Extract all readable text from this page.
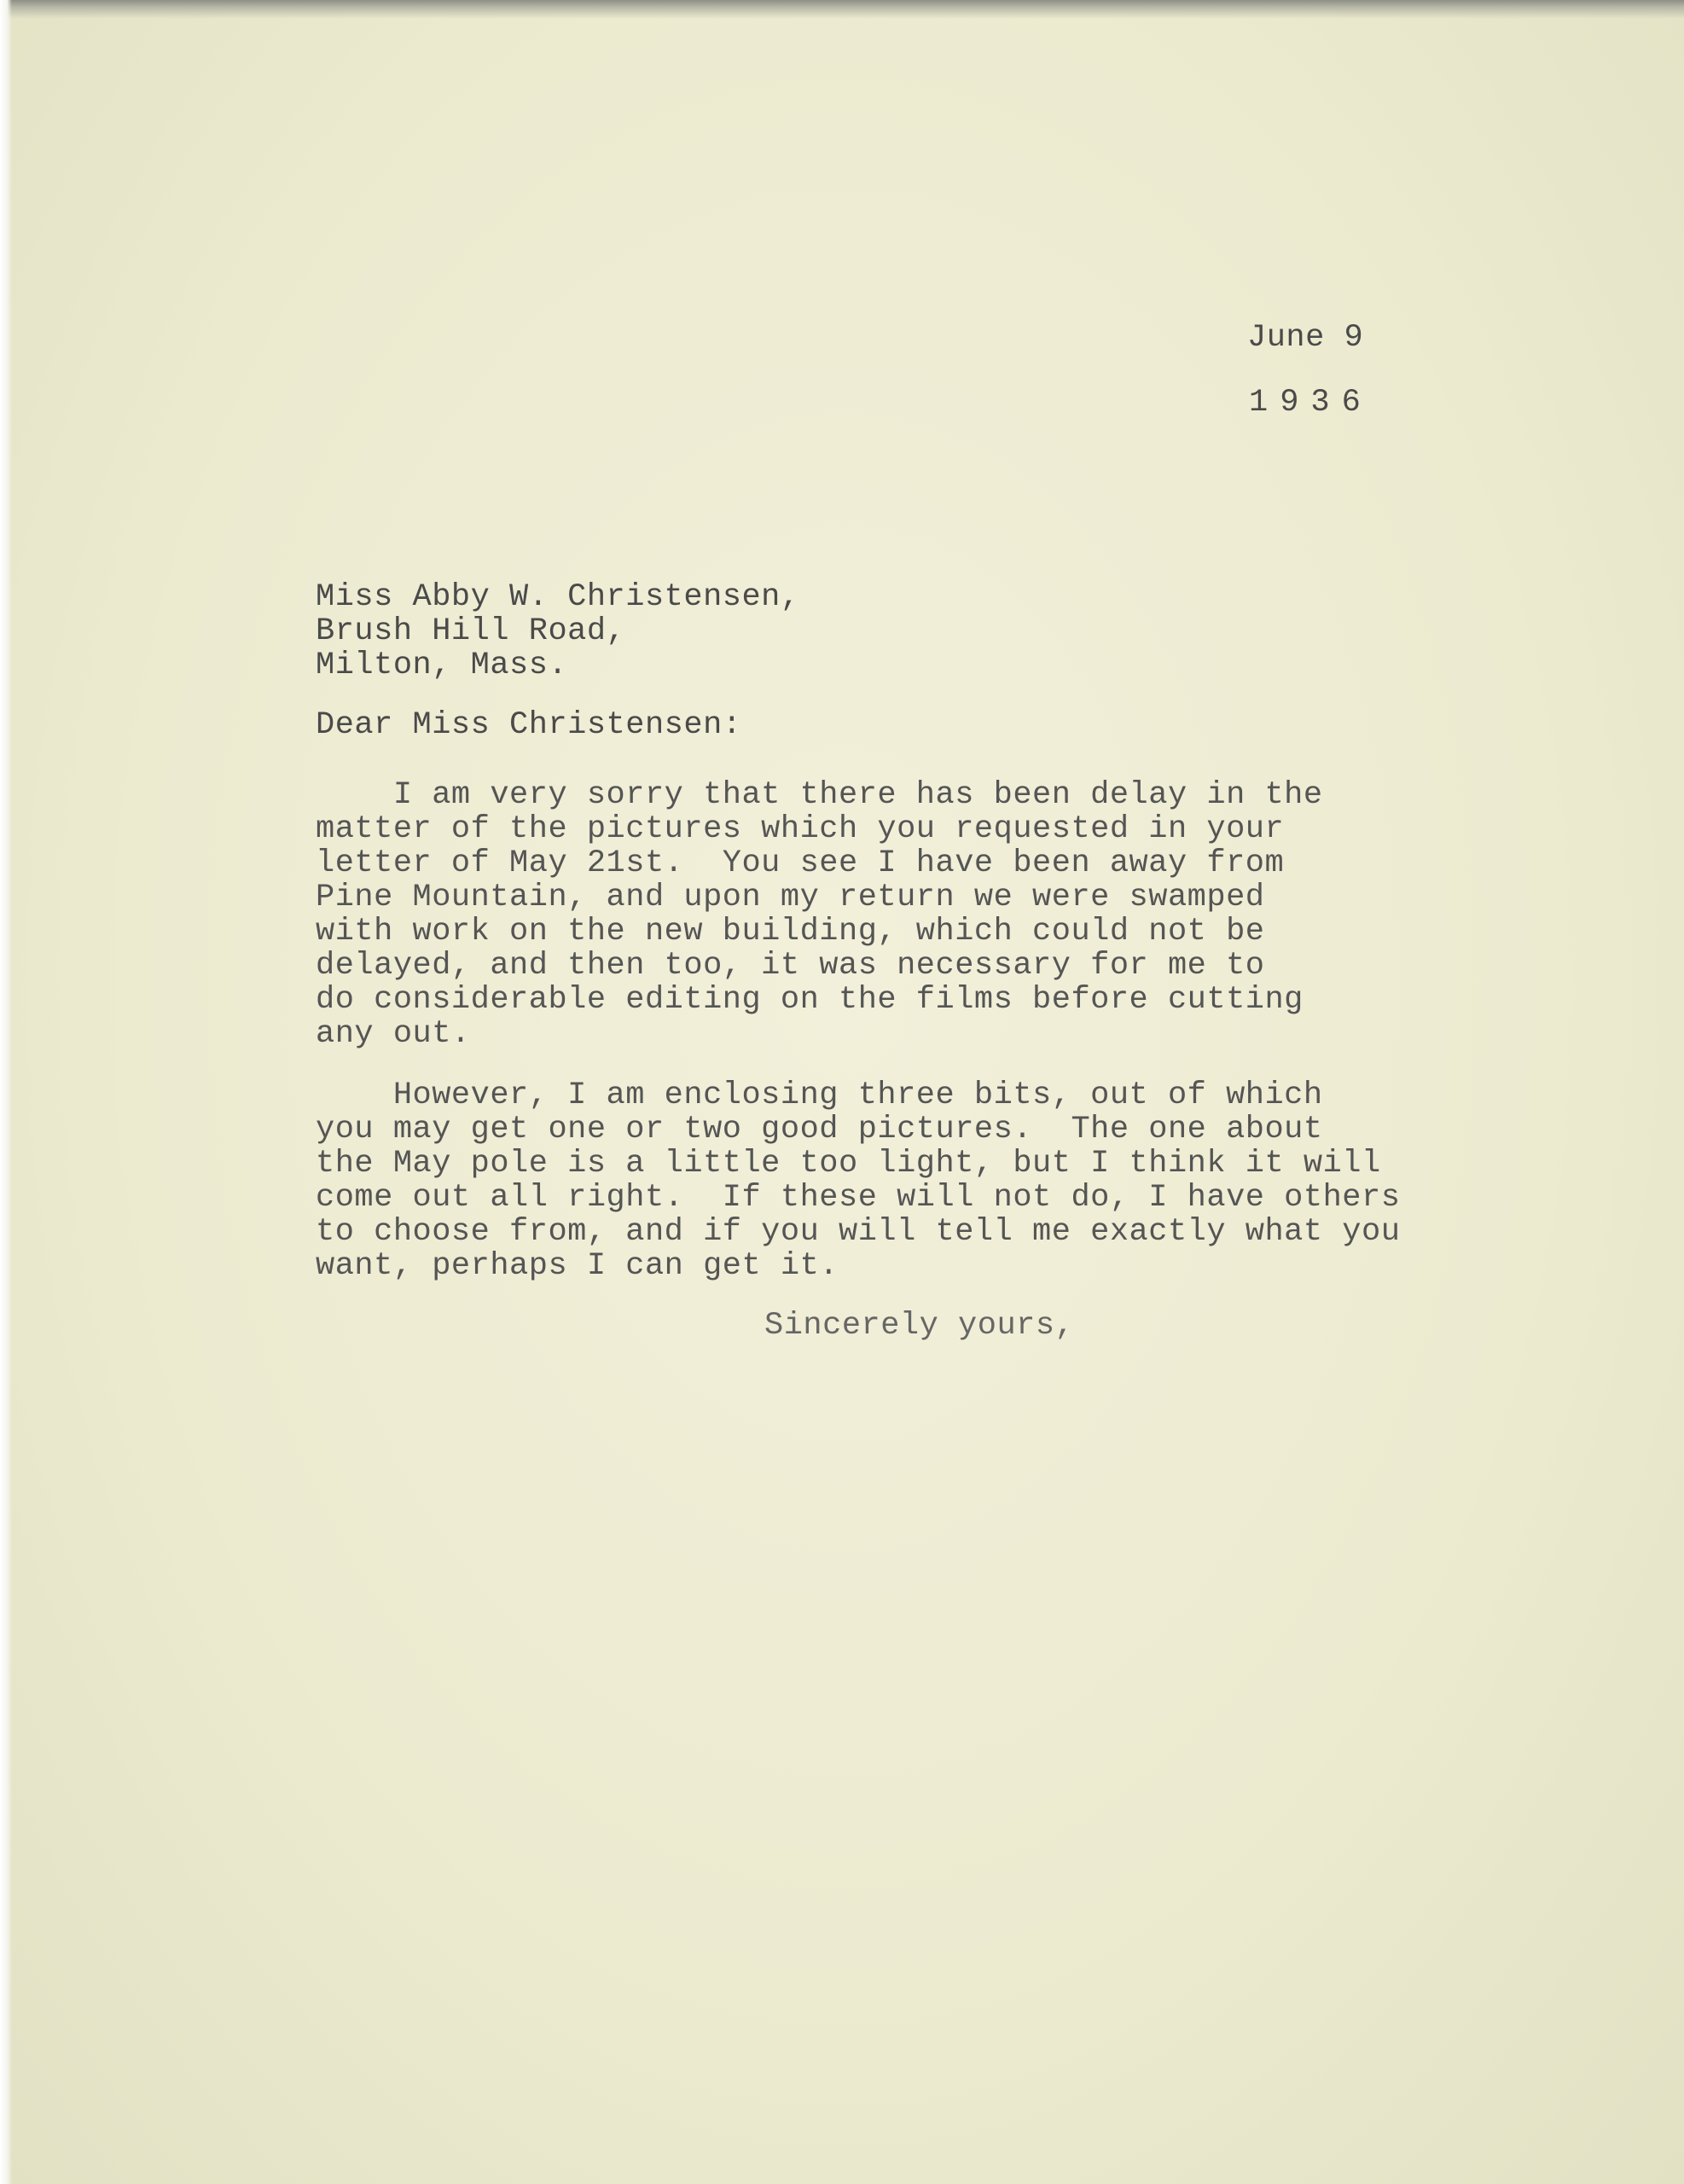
June 9
1936
Miss Abby W. Christensen,
Brush Hill Road,
Milton, Mass.
Dear Miss Christensen:
I am very sorry that there has been delay in the
matter of the pictures which you requested in your
letter of May 21st.  You see I have been away from
Pine Mountain, and upon my return we were swamped
with work on the new building, which could not be
delayed, and then too, it was necessary for me to
do considerable editing on the films before cutting
any out.
However, I am enclosing three bits, out of which
you may get one or two good pictures.  The one about
the May pole is a little too light, but I think it will
come out all right.  If these will not do, I have others
to choose from, and if you will tell me exactly what you
want, perhaps I can get it.
Sincerely yours,
